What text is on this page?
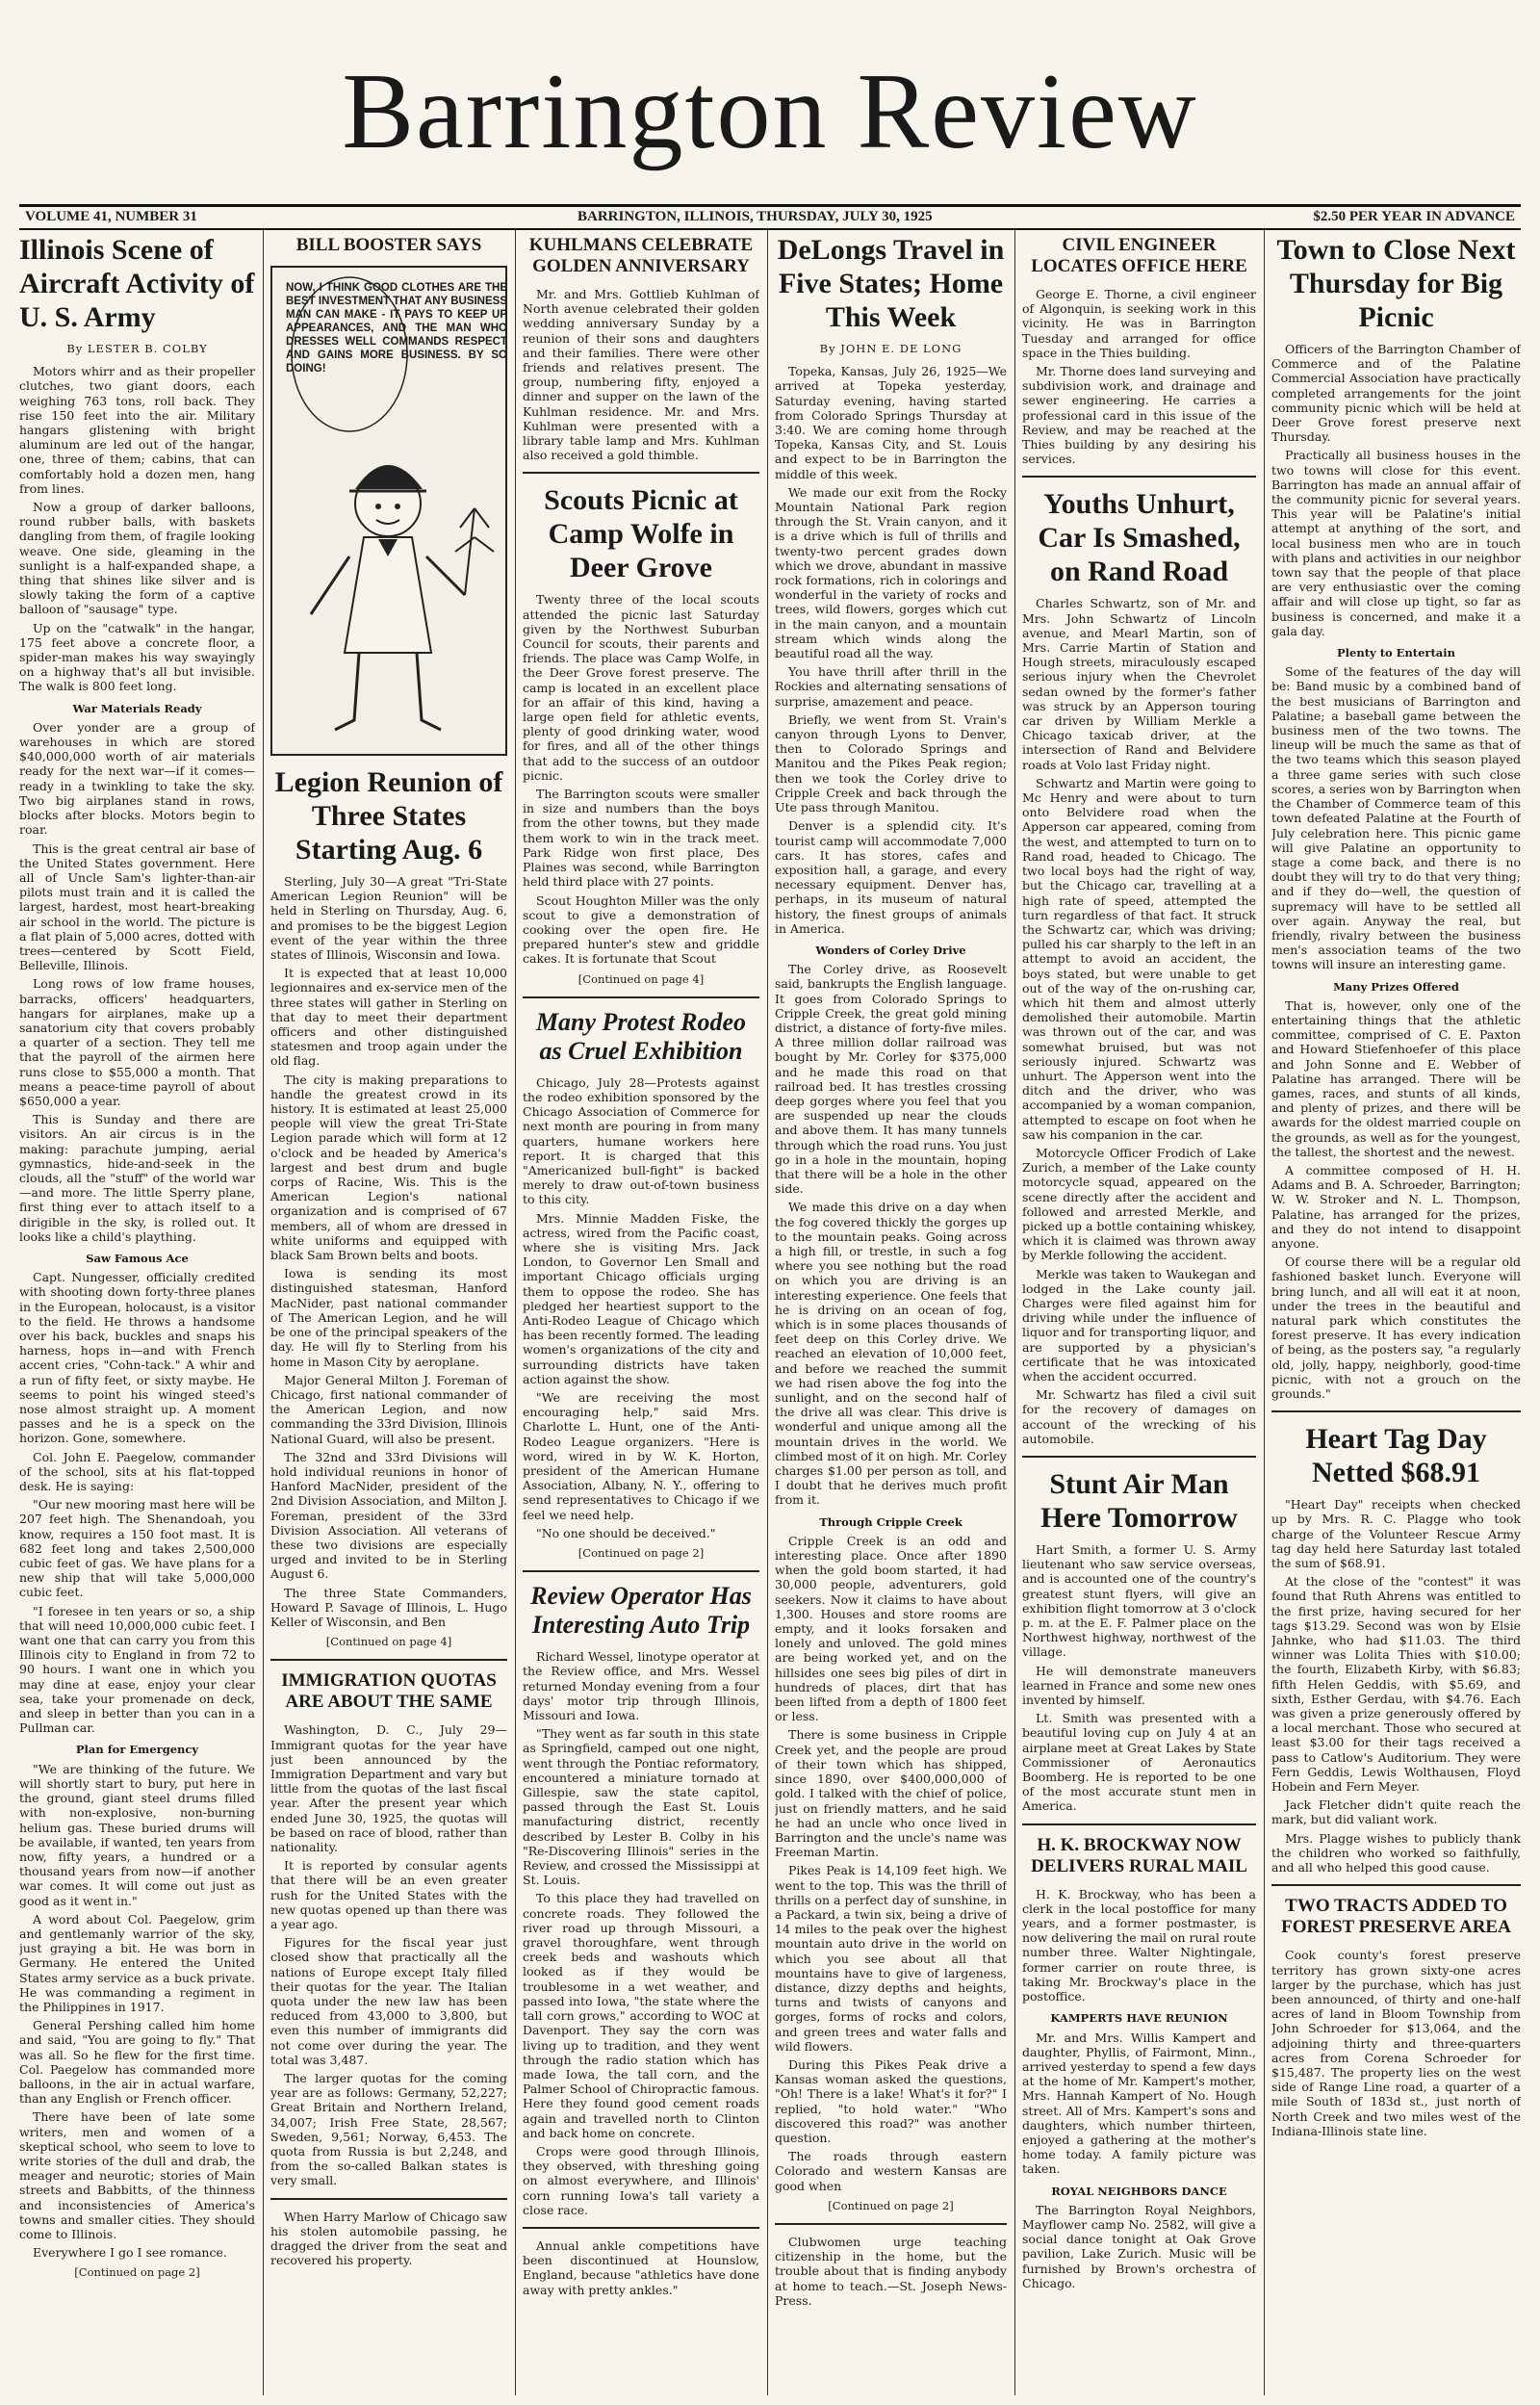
Barrington Review
VOLUME 41, NUMBER 31	BARRINGTON, ILLINOIS, THURSDAY, JULY 30, 1925	$2.50 PER YEAR IN ADVANCE
Illinois Scene of Aircraft Activity of U. S. Army
By LESTER B. COLBY

Motors whirr and as their propeller clutches, two giant doors, each weighing 763 tons, roll back. They rise 150 feet into the air. Military hangars glistening with bright aluminum are led out of the hangar, one, three of them; cabins, that can comfortably hold a dozen men, hang from lines.

Now a group of darker balloons, round rubber balls, with baskets dangling from them, of fragile looking weave. One side, gleaming in the sunlight is a half-expanded shape, a thing that shines like silver and is slowly taking the form of a captive balloon of "sausage" type.

Up on the "catwalk" in the hangar, 175 feet above a concrete floor, a spider-man makes his way swayingly on a highway that's all but invisible. The walk is 800 feet long.

War Materials Ready

Over yonder are a group of warehouses in which are stored $40,000,000 worth of air materials ready for the next war—if it comes—ready in a twinkling to take the sky. Two big airplanes stand in rows, blocks after blocks. Motors begin to roar.

This is the great central air base of the United States government. Here all of Uncle Sam's lighter-than-air pilots must train and it is called the largest, hardest, most heart-breaking air school in the world. The picture is a flat plain of 5,000 acres, dotted with trees—centered by Scott Field, Belleville, Illinois.

Long rows of low frame houses, barracks, officers' headquarters, hangars for airplanes, make up a sanatorium city that covers probably a quarter of a section. They tell me that the payroll of the airmen here runs close to $55,000 a month. That means a peace-time payroll of about $650,000 a year.

This is Sunday and there are visitors. An air circus is in the making: parachute jumping, aerial gymnastics, hide-and-seek in the clouds, all the "stuff" of the world war—and more. The little Sperry plane, first thing ever to attach itself to a dirigible in the sky, is rolled out. It looks like a child's plaything.

Saw Famous Ace

Capt. Nungesser, officially credited with shooting down forty-three planes in the European, holocaust, is a visitor to the field. He throws a handsome over his back, buckles and snaps his harness, hops in—and with French accent cries, "Cohn-tack." A whir and a run of fifty feet, or sixty maybe. He seems to point his winged steed's nose almost straight up. A moment passes and he is a speck on the horizon. Gone, somewhere.

Col. John E. Paegelow, commander of the school, sits at his flat-topped desk. He is saying:

"Our new mooring mast here will be 207 feet high. The Shenandoah, you know, requires a 150 foot mast. It is 682 feet long and takes 2,500,000 cubic feet of gas. We have plans for a new ship that will take 5,000,000 cubic feet.

"I foresee in ten years or so, a ship that will need 10,000,000 cubic feet. I want one that can carry you from this Illinois city to England in from 72 to 90 hours. I want one in which you may dine at ease, enjoy your clear sea, take your promenade on deck, and sleep in better than you can in a Pullman car.

Plan for Emergency

"We are thinking of the future. We will shortly start to bury, put here in the ground, giant steel drums filled with non-explosive, non-burning helium gas. These buried drums will be available, if wanted, ten years from now, fifty years, a hundred or a thousand years from now—if another war comes. It will come out just as good as it went in."

A word about Col. Paegelow, grim and gentlemanly warrior of the sky, just graying a bit. He was born in Germany. He entered the United States army service as a buck private. He was commanding a regiment in the Philippines in 1917.

General Pershing called him home and said, "You are going to fly." That was all. So he flew for the first time. Col. Paegelow has commanded more balloons, in the air in actual warfare, than any English or French officer.

There have been of late some writers, men and women of a skeptical school, who seem to love to write stories of the dull and drab, the meager and neurotic; stories of Main streets and Babbitts, of the thinness and inconsistencies of America's towns and smaller cities. They should come to Illinois.

Everywhere I go I see romance.

[Continued on page 2]
BILL BOOSTER SAYS
NOW, I THINK GOOD CLOTHES ARE THE BEST INVESTMENT THAT ANY BUSINESS MAN CAN MAKE - IT PAYS TO KEEP UP APPEARANCES, AND THE MAN WHO DRESSES WELL COMMANDS RESPECT AND GAINS MORE BUSINESS. BY SO DOING!
Legion Reunion of Three States Starting Aug. 6

Sterling, July 30—A great "Tri-State American Legion Reunion" will be held in Sterling on Thursday, Aug. 6, and promises to be the biggest Legion event of the year within the three states of Illinois, Wisconsin and Iowa.

It is expected that at least 10,000 legionnaires and ex-service men of the three states will gather in Sterling on that day to meet their department officers and other distinguished statesmen and troop again under the old flag.

The city is making preparations to handle the greatest crowd in its history. It is estimated at least 25,000 people will view the great Tri-State Legion parade which will form at 12 o'clock and be headed by America's largest and best drum and bugle corps of Racine, Wis. This is the American Legion's national organization and is comprised of 67 members, all of whom are dressed in white uniforms and equipped with black Sam Brown belts and boots.

Iowa is sending its most distinguished statesman, Hanford MacNider, past national commander of The American Legion, and he will be one of the principal speakers of the day. He will fly to Sterling from his home in Mason City by aeroplane.

Major General Milton J. Foreman of Chicago, first national commander of the American Legion, and now commanding the 33rd Division, Illinois National Guard, will also be present.

The 32nd and 33rd Divisions will hold individual reunions in honor of Hanford MacNider, president of the 2nd Division Association, and Milton J. Foreman, president of the 33rd Division Association. All veterans of these two divisions are especially urged and invited to be in Sterling August 6.

The three State Commanders, Howard P. Savage of Illinois, L. Hugo Keller of Wisconsin, and Ben

[Continued on page 4]
IMMIGRATION QUOTAS ARE ABOUT THE SAME

Washington, D. C., July 29—Immigrant quotas for the year have just been announced by the Immigration Department and vary but little from the quotas of the last fiscal year. After the present year which ended June 30, 1925, the quotas will be based on race of blood, rather than nationality.

It is reported by consular agents that there will be an even greater rush for the United States with the new quotas opened up than there was a year ago.

Figures for the fiscal year just closed show that practically all the nations of Europe except Italy filled their quotas for the year. The Italian quota under the new law has been reduced from 43,000 to 3,800, but even this number of immigrants did not come over during the year. The total was 3,487.

The larger quotas for the coming year are as follows: Germany, 52,227; Great Britain and Northern Ireland, 34,007; Irish Free State, 28,567; Sweden, 9,561; Norway, 6,453. The quota from Russia is but 2,248, and from the so-called Balkan states is very small.

When Harry Marlow of Chicago saw his stolen automobile passing, he dragged the driver from the seat and recovered his property.

KUHLMANS CELEBRATE GOLDEN ANNIVERSARY

Mr. and Mrs. Gottlieb Kuhlman of North avenue celebrated their golden wedding anniversary Sunday by a reunion of their sons and daughters and their families. There were other friends and relatives present. The group, numbering fifty, enjoyed a dinner and supper on the lawn of the Kuhlman residence. Mr. and Mrs. Kuhlman were presented with a library table lamp and Mrs. Kuhlman also received a gold thimble.

Scouts Picnic at Camp Wolfe in Deer Grove

Twenty three of the local scouts attended the picnic last Saturday given by the Northwest Suburban Council for scouts, their parents and friends. The place was Camp Wolfe, in the Deer Grove forest preserve. The camp is located in an excellent place for an affair of this kind, having a large open field for athletic events, plenty of good drinking water, wood for fires, and all of the other things that add to the success of an outdoor picnic.

The Barrington scouts were smaller in size and numbers than the boys from the other towns, but they made them work to win in the track meet. Park Ridge won first place, Des Plaines was second, while Barrington held third place with 27 points.

Scout Houghton Miller was the only scout to give a demonstration of cooking over the open fire. He prepared hunter's stew and griddle cakes. It is fortunate that Scout

[Continued on page 4]
Many Protest Rodeo as Cruel Exhibition

Chicago, July 28—Protests against the rodeo exhibition sponsored by the Chicago Association of Commerce for next month are pouring in from many quarters, humane workers here report. It is charged that this "Americanized bull-fight" is backed merely to draw out-of-town business to this city.

Mrs. Minnie Madden Fiske, the actress, wired from the Pacific coast, where she is visiting Mrs. Jack London, to Governor Len Small and important Chicago officials urging them to oppose the rodeo. She has pledged her heartiest support to the Anti-Rodeo League of Chicago which has been recently formed. The leading women's organizations of the city and surrounding districts have taken action against the show.

"We are receiving the most encouraging help," said Mrs. Charlotte L. Hunt, one of the Anti-Rodeo League organizers. "Here is word, wired in by W. K. Horton, president of the American Humane Association, Albany, N. Y., offering to send representatives to Chicago if we feel we need help.

"No one should be deceived."

[Continued on page 2]
Review Operator Has Interesting Auto Trip

Richard Wessel, linotype operator at the Review office, and Mrs. Wessel returned Monday evening from a four days' motor trip through Illinois, Missouri and Iowa.

"They went as far south in this state as Springfield, camped out one night, went through the Pontiac reformatory, encountered a miniature tornado at Gillespie, saw the state capitol, passed through the East St. Louis manufacturing district, recently described by Lester B. Colby in his "Re-Discovering Illinois" series in the Review, and crossed the Mississippi at St. Louis.

To this place they had travelled on concrete roads. They followed the river road up through Missouri, a gravel thoroughfare, went through creek beds and washouts which looked as if they would be troublesome in a wet weather, and passed into Iowa, "the state where the tall corn grows," according to WOC at Davenport. They say the corn was living up to tradition, and they went through the radio station which has made Iowa, the tall corn, and the Palmer School of Chiropractic famous. Here they found good cement roads again and travelled north to Clinton and back home on concrete.

Crops were good through Illinois, they observed, with threshing going on almost everywhere, and Illinois' corn running Iowa's tall variety a close race.

Annual ankle competitions have been discontinued at Hounslow, England, because "athletics have done away with pretty ankles."

DeLongs Travel in Five States; Home This Week
By JOHN E. DE LONG

Topeka, Kansas, July 26, 1925—We arrived at Topeka yesterday, Saturday evening, having started from Colorado Springs Thursday at 3:40. We are coming home through Topeka, Kansas City, and St. Louis and expect to be in Barrington the middle of this week.

We made our exit from the Rocky Mountain National Park region through the St. Vrain canyon, and it is a drive which is full of thrills and twenty-two percent grades down which we drove, abundant in massive rock formations, rich in colorings and wonderful in the variety of rocks and trees, wild flowers, gorges which cut in the main canyon, and a mountain stream which winds along the beautiful road all the way.

You have thrill after thrill in the Rockies and alternating sensations of surprise, amazement and peace.

Briefly, we went from St. Vrain's canyon through Lyons to Denver, then to Colorado Springs and Manitou and the Pikes Peak region; then we took the Corley drive to Cripple Creek and back through the Ute pass through Manitou.

Denver is a splendid city. It's tourist camp will accommodate 7,000 cars. It has stores, cafes and exposition hall, a garage, and every necessary equipment. Denver has, perhaps, in its museum of natural history, the finest groups of animals in America.

Wonders of Corley Drive

The Corley drive, as Roosevelt said, bankrupts the English language. It goes from Colorado Springs to Cripple Creek, the great gold mining district, a distance of forty-five miles. A three million dollar railroad was bought by Mr. Corley for $375,000 and he made this road on that railroad bed. It has trestles crossing deep gorges where you feel that you are suspended up near the clouds and above them. It has many tunnels through which the road runs. You just go in a hole in the mountain, hoping that there will be a hole in the other side.

We made this drive on a day when the fog covered thickly the gorges up to the mountain peaks. Going across a high fill, or trestle, in such a fog where you see nothing but the road on which you are driving is an interesting experience. One feels that he is driving on an ocean of fog, which is in some places thousands of feet deep on this Corley drive. We reached an elevation of 10,000 feet, and before we reached the summit we had risen above the fog into the sunlight, and on the second half of the drive all was clear. This drive is wonderful and unique among all the mountain drives in the world. We climbed most of it on high. Mr. Corley charges $1.00 per person as toll, and I doubt that he derives much profit from it.

Through Cripple Creek

Cripple Creek is an odd and interesting place. Once after 1890 when the gold boom started, it had 30,000 people, adventurers, gold seekers. Now it claims to have about 1,300. Houses and store rooms are empty, and it looks forsaken and lonely and unloved. The gold mines are being worked yet, and on the hillsides one sees big piles of dirt in hundreds of places, dirt that has been lifted from a depth of 1800 feet or less.

There is some business in Cripple Creek yet, and the people are proud of their town which has shipped, since 1890, over $400,000,000 of gold. I talked with the chief of police, just on friendly matters, and he said he had an uncle who once lived in Barrington and the uncle's name was Freeman Martin.

Pikes Peak is 14,109 feet high. We went to the top. This was the thrill of thrills on a perfect day of sunshine, in a Packard, a twin six, being a drive of 14 miles to the peak over the highest mountain auto drive in the world on which you see about all that mountains have to give of largeness, distance, dizzy depths and heights, turns and twists of canyons and gorges, forms of rocks and colors, and green trees and water falls and wild flowers.

During this Pikes Peak drive a Kansas woman asked the questions, "Oh! There is a lake! What's it for?" I replied, "to hold water." "Who discovered this road?" was another question.

The roads through eastern Colorado and western Kansas are good when

[Continued on page 2]

Clubwomen urge teaching citizenship in the home, but the trouble about that is finding anybody at home to teach.—St. Joseph News-Press.

CIVIL ENGINEER LOCATES OFFICE HERE

George E. Thorne, a civil engineer of Algonquin, is seeking work in this vicinity. He was in Barrington Tuesday and arranged for office space in the Thies building.

Mr. Thorne does land surveying and subdivision work, and drainage and sewer engineering. He carries a professional card in this issue of the Review, and may be reached at the Thies building by any desiring his services.

Youths Unhurt, Car Is Smashed, on Rand Road

Charles Schwartz, son of Mr. and Mrs. John Schwartz of Lincoln avenue, and Mearl Martin, son of Mrs. Carrie Martin of Station and Hough streets, miraculously escaped serious injury when the Chevrolet sedan owned by the former's father was struck by an Apperson touring car driven by William Merkle a Chicago taxicab driver, at the intersection of Rand and Belvidere roads at Volo last Friday night.

Schwartz and Martin were going to Mc Henry and were about to turn onto Belvidere road when the Apperson car appeared, coming from the west, and attempted to turn on to Rand road, headed to Chicago. The two local boys had the right of way, but the Chicago car, travelling at a high rate of speed, attempted the turn regardless of that fact. It struck the Schwartz car, which was driving; pulled his car sharply to the left in an attempt to avoid an accident, the boys stated, but were unable to get out of the way of the on-rushing car, which hit them and almost utterly demolished their automobile. Martin was thrown out of the car, and was somewhat bruised, but was not seriously injured. Schwartz was unhurt. The Apperson went into the ditch and the driver, who was accompanied by a woman companion, attempted to escape on foot when he saw his companion in the car.

Motorcycle Officer Frodich of Lake Zurich, a member of the Lake county motorcycle squad, appeared on the scene directly after the accident and followed and arrested Merkle, and picked up a bottle containing whiskey, which it is claimed was thrown away by Merkle following the accident.

Merkle was taken to Waukegan and lodged in the Lake county jail. Charges were filed against him for driving while under the influence of liquor and for transporting liquor, and are supported by a physician's certificate that he was intoxicated when the accident occurred.

Mr. Schwartz has filed a civil suit for the recovery of damages on account of the wrecking of his automobile.

Stunt Air Man Here Tomorrow

Hart Smith, a former U. S. Army lieutenant who saw service overseas, and is accounted one of the country's greatest stunt flyers, will give an exhibition flight tomorrow at 3 o'clock p. m. at the E. F. Palmer place on the Northwest highway, northwest of the village.

He will demonstrate maneuvers learned in France and some new ones invented by himself.

Lt. Smith was presented with a beautiful loving cup on July 4 at an airplane meet at Great Lakes by State Commissioner of Aeronautics Boomberg. He is reported to be one of the most accurate stunt men in America.

H. K. BROCKWAY NOW DELIVERS RURAL MAIL

H. K. Brockway, who has been a clerk in the local postoffice for many years, and a former postmaster, is now delivering the mail on rural route number three. Walter Nightingale, former carrier on route three, is taking Mr. Brockway's place in the postoffice.

KAMPERTS HAVE REUNION

Mr. and Mrs. Willis Kampert and daughter, Phyllis, of Fairmont, Minn., arrived yesterday to spend a few days at the home of Mr. Kampert's mother, Mrs. Hannah Kampert of No. Hough street. All of Mrs. Kampert's sons and daughters, which number thirteen, enjoyed a gathering at the mother's home today. A family picture was taken.

ROYAL NEIGHBORS DANCE

The Barrington Royal Neighbors, Mayflower camp No. 2582, will give a social dance tonight at Oak Grove pavilion, Lake Zurich. Music will be furnished by Brown's orchestra of Chicago.

Town to Close Next Thursday for Big Picnic

Officers of the Barrington Chamber of Commerce and of the Palatine Commercial Association have practically completed arrangements for the joint community picnic which will be held at Deer Grove forest preserve next Thursday.

Practically all business houses in the two towns will close for this event. Barrington has made an annual affair of the community picnic for several years. This year will be Palatine's initial attempt at anything of the sort, and local business men who are in touch with plans and activities in our neighbor town say that the people of that place are very enthusiastic over the coming affair and will close up tight, so far as business is concerned, and make it a gala day.

Plenty to Entertain

Some of the features of the day will be: Band music by a combined band of the best musicians of Barrington and Palatine; a baseball game between the business men of the two towns. The lineup will be much the same as that of the two teams which this season played a three game series with such close scores, a series won by Barrington when the Chamber of Commerce team of this town defeated Palatine at the Fourth of July celebration here. This picnic game will give Palatine an opportunity to stage a come back, and there is no doubt they will try to do that very thing; and if they do—well, the question of supremacy will have to be settled all over again. Anyway the real, but friendly, rivalry between the business men's association teams of the two towns will insure an interesting game.

Many Prizes Offered

That is, however, only one of the entertaining things that the athletic committee, comprised of C. E. Paxton and Howard Stiefenhoefer of this place and John Sonne and E. Webber of Palatine has arranged. There will be games, races, and stunts of all kinds, and plenty of prizes, and there will be awards for the oldest married couple on the grounds, as well as for the youngest, the tallest, the shortest and the newest.

A committee composed of H. H. Adams and B. A. Schroeder, Barrington; W. W. Stroker and N. L. Thompson, Palatine, has arranged for the prizes, and they do not intend to disappoint anyone.

Of course there will be a regular old fashioned basket lunch. Everyone will bring lunch, and all will eat it at noon, under the trees in the beautiful and natural park which constitutes the forest preserve. It has every indication of being, as the posters say, "a regularly old, jolly, happy, neighborly, good-time picnic, with not a grouch on the grounds."

Heart Tag Day Netted $68.91

"Heart Day" receipts when checked up by Mrs. R. C. Plagge who took charge of the Volunteer Rescue Army tag day held here Saturday last totaled the sum of $68.91.

At the close of the "contest" it was found that Ruth Ahrens was entitled to the first prize, having secured for her tags $13.29. Second was won by Elsie Jahnke, who had $11.03. The third winner was Lolita Thies with $10.00; the fourth, Elizabeth Kirby, with $6.83; fifth Helen Geddis, with $5.69, and sixth, Esther Gerdau, with $4.76. Each was given a prize generously offered by a local merchant. Those who secured at least $3.00 for their tags received a pass to Catlow's Auditorium. They were Fern Geddis, Lewis Wolthausen, Floyd Hobein and Fern Meyer.

Jack Fletcher didn't quite reach the mark, but did valiant work.

Mrs. Plagge wishes to publicly thank the children who worked so faithfully, and all who helped this good cause.

TWO TRACTS ADDED TO FOREST PRESERVE AREA

Cook county's forest preserve territory has grown sixty-one acres larger by the purchase, which has just been announced, of thirty and one-half acres of land in Bloom Township from John Schroeder for $13,064, and the adjoining thirty and three-quarters acres from Corena Schroeder for $15,487. The property lies on the west side of Range Line road, a quarter of a mile South of 183d st., just north of North Creek and two miles west of the Indiana-Illinois state line.
